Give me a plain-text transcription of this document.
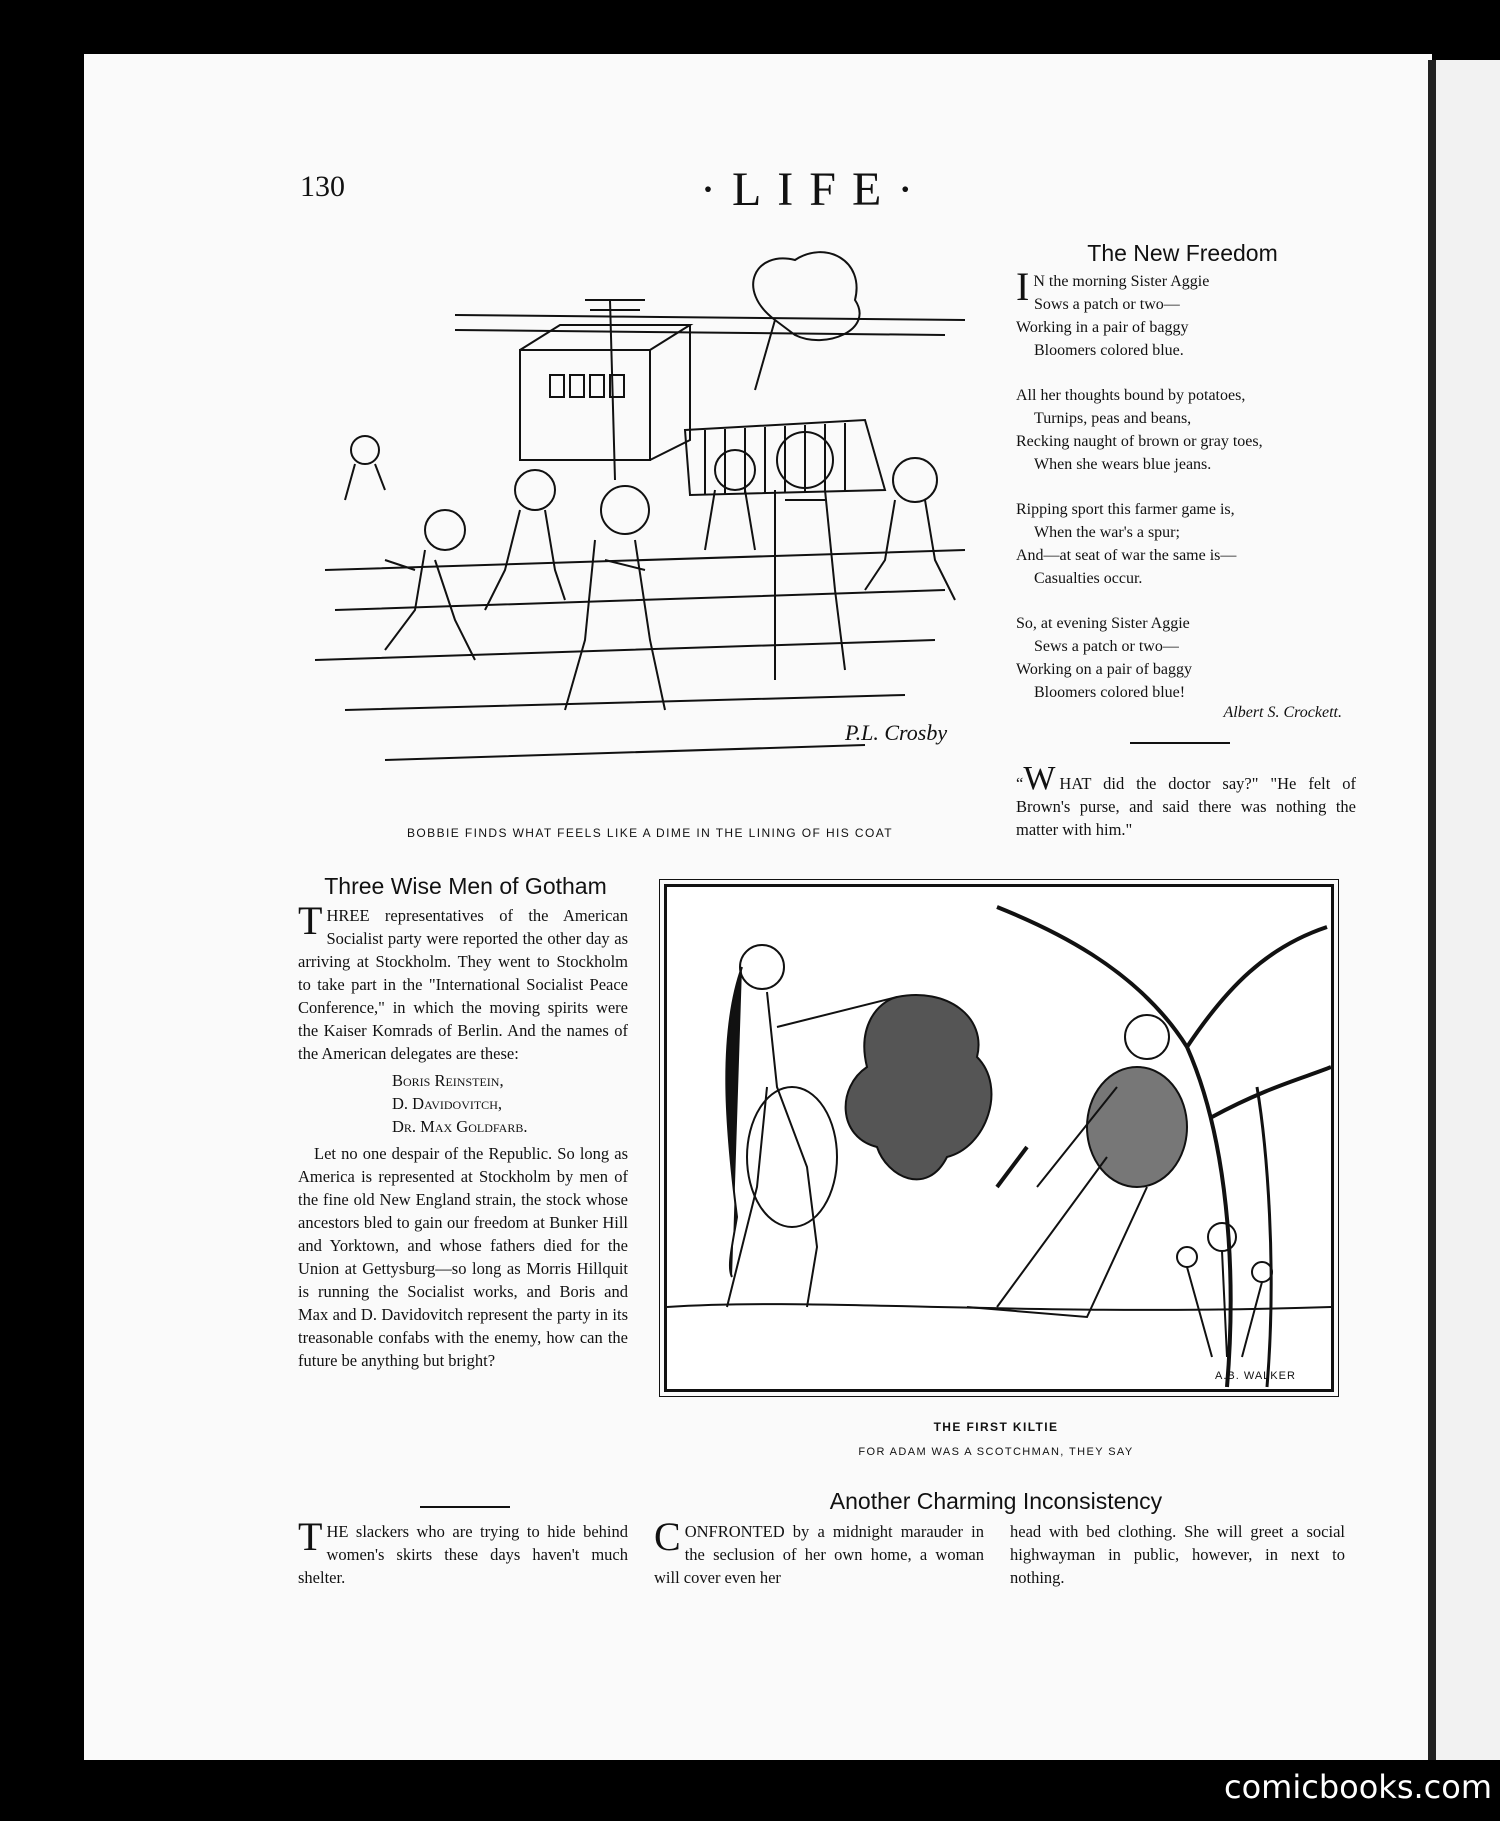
130	·LIFE·
P.L. Crosby
BOBBIE FINDS WHAT FEELS LIKE A DIME IN THE LINING OF HIS COAT
The New Freedom

I N the morning Sister Aggie
Sows a patch or two—
Working in a pair of baggy
Bloomers colored blue.

All her thoughts bound by potatoes,
Turnips, peas and beans,
Recking naught of brown or gray toes,
When she wears blue jeans.

Ripping sport this farmer game is,
When the war's a spur;
And—at seat of war the same is—
Casualties occur.

So, at evening Sister Aggie
Sews a patch or two—
Working on a pair of baggy
Bloomers colored blue!

Albert S. Crockett.
“W HAT did the doctor say?" "He felt of Brown's purse, and said there was nothing the matter with him."
Three Wise Men of Gotham
THREE representatives of the American Socialist party were reported the other day as arriving at Stockholm. They went to Stockholm to take part in the "International Socialist Peace Conference," in which the moving spirits were the Kaiser Komrads of Berlin. And the names of the American delegates are these:
Boris Reinstein,
D. Davidovitch,
Dr. Max Goldfarb.
Let no one despair of the Republic. So long as America is represented at Stockholm by men of the fine old New England strain, the stock whose ancestors bled to gain our freedom at Bunker Hill and Yorktown, and whose fathers died for the Union at Gettysburg—so long as Morris Hillquit is running the Socialist works, and Boris and Max and D. Davidovitch represent the party in its treasonable confabs with the enemy, how can the future be anything but bright?
THE slackers who are trying to hide behind women's skirts these days haven't much shelter.
A.B. WALKER
THE FIRST KILTIE
FOR ADAM WAS A SCOTCHMAN, THEY SAY
Another Charming Inconsistency
CONFRONTED by a midnight marauder in the seclusion of her own home, a woman will cover even her
head with bed clothing. She will greet a social highwayman in public, however, in next to nothing.
comicbooks.com
